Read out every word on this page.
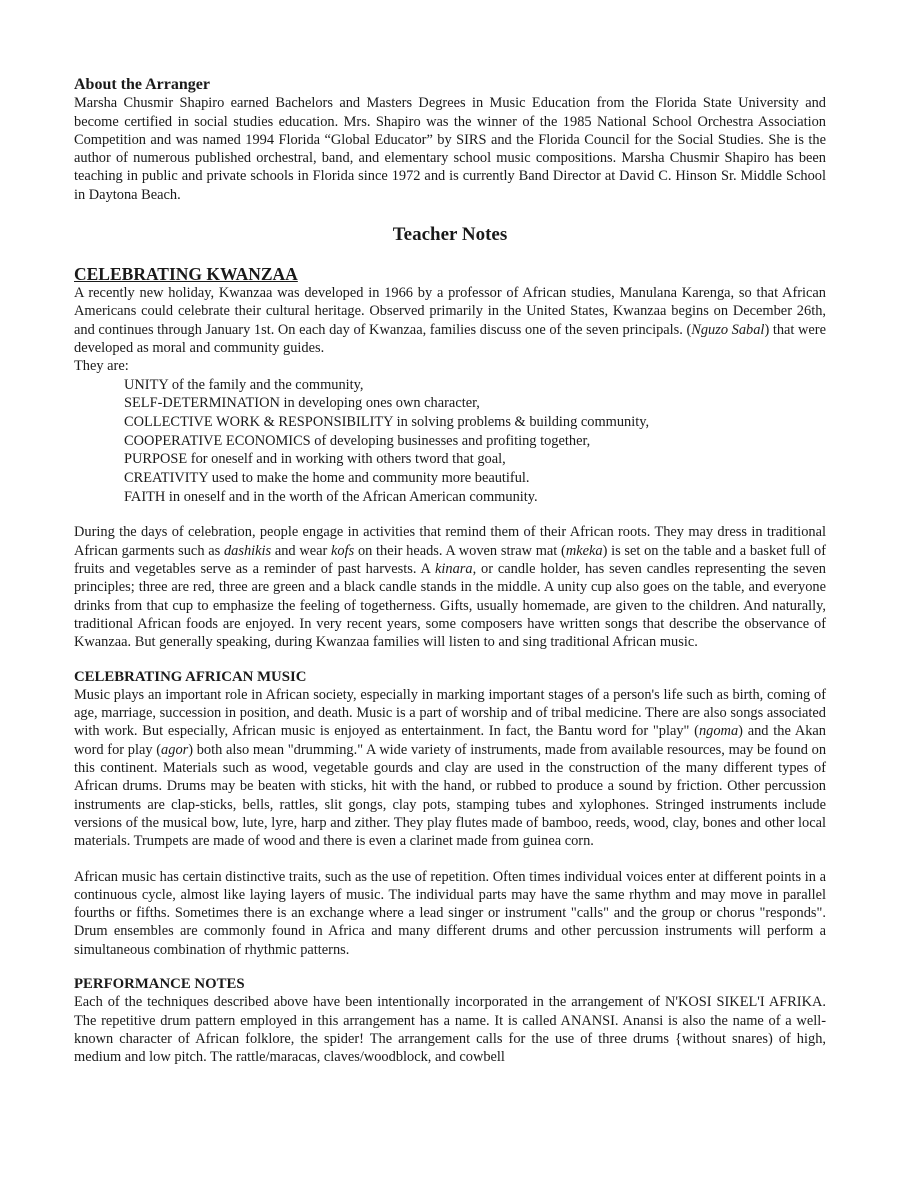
About the Arranger

Marsha Chusmir Shapiro earned Bachelors and Masters Degrees in Music Education from the Florida State University and become certified in social studies education. Mrs. Shapiro was the winner of the 1985 National School Orchestra Association Competition and was named 1994 Florida “Global Educator” by SIRS and the Florida Council for the Social Studies. She is the author of numerous published orchestral, band, and elementary school music compositions. Marsha Chusmir Shapiro has been teaching in public and private schools in Florida since 1972 and is currently Band Director at David C. Hinson Sr. Middle School in Daytona Beach.

Teacher Notes

CELEBRATING KWANZAA

A recently new holiday, Kwanzaa was developed in 1966 by a professor of African studies, Manulana Karenga, so that African Americans could celebrate their cultural heritage. Observed primarily in the United States, Kwanzaa begins on December 26th, and continues through January 1st. On each day of Kwanzaa, families discuss one of the seven principals. (Nguzo Sabal) that were developed as moral and community guides.

They are:

UNITY of the family and the community,
SELF-DETERMINATION in developing ones own character,
COLLECTIVE WORK & RESPONSIBILITY in solving problems & building community,
COOPERATIVE ECONOMICS of developing businesses and profiting together,
PURPOSE for oneself and in working with others tword that goal,
CREATIVITY used to make the home and community more beautiful.
FAITH in oneself and in the worth of the African American community.

During the days of celebration, people engage in activities that remind them of their African roots. They may dress in traditional African garments such as dashikis and wear kofs on their heads. A woven straw mat (mkeka) is set on the table and a basket full of fruits and vegetables serve as a reminder of past harvests. A kinara, or candle holder, has seven candles representing the seven principles; three are red, three are green and a black candle stands in the middle. A unity cup also goes on the table, and everyone drinks from that cup to emphasize the feeling of togetherness. Gifts, usually homemade, are given to the children. And naturally, traditional African foods are enjoyed. In very recent years, some composers have written songs that describe the observance of Kwanzaa. But generally speaking, during Kwanzaa families will listen to and sing traditional African music.

CELEBRATING AFRICAN MUSIC

Music plays an important role in African society, especially in marking important stages of a person's life such as birth, coming of age, marriage, succession in position, and death. Music is a part of worship and of tribal medicine. There are also songs associated with work. But especially, African music is enjoyed as entertainment. In fact, the Bantu word for "play" (ngoma) and the Akan word for play (agor) both also mean "drumming." A wide variety of instruments, made from available resources, may be found on this continent. Materials such as wood, vegetable gourds and clay are used in the construction of the many different types of African drums. Drums may be beaten with sticks, hit with the hand, or rubbed to produce a sound by friction. Other percussion instruments are clap-sticks, bells, rattles, slit gongs, clay pots, stamping tubes and xylophones. Stringed instruments include versions of the musical bow, lute, lyre, harp and zither. They play flutes made of bamboo, reeds, wood, clay, bones and other local materials. Trumpets are made of wood and there is even a clarinet made from guinea corn.

African music has certain distinctive traits, such as the use of repetition. Often times individual voices enter at different points in a continuous cycle, almost like laying layers of music. The individual parts may have the same rhythm and may move in parallel fourths or fifths. Sometimes there is an exchange where a lead singer or instrument "calls" and the group or chorus "responds". Drum ensembles are commonly found in Africa and many different drums and other percussion instruments will perform a simultaneous combination of rhythmic patterns.

PERFORMANCE NOTES

Each of the techniques described above have been intentionally incorporated in the arrangement of N'KOSI SIKEL'I AFRIKA. The repetitive drum pattern employed in this arrangement has a name. It is called ANANSI. Anansi is also the name of a well-known character of African folklore, the spider! The arrangement calls for the use of three drums {without snares) of high, medium and low pitch. The rattle/maracas, claves/woodblock, and cowbell
